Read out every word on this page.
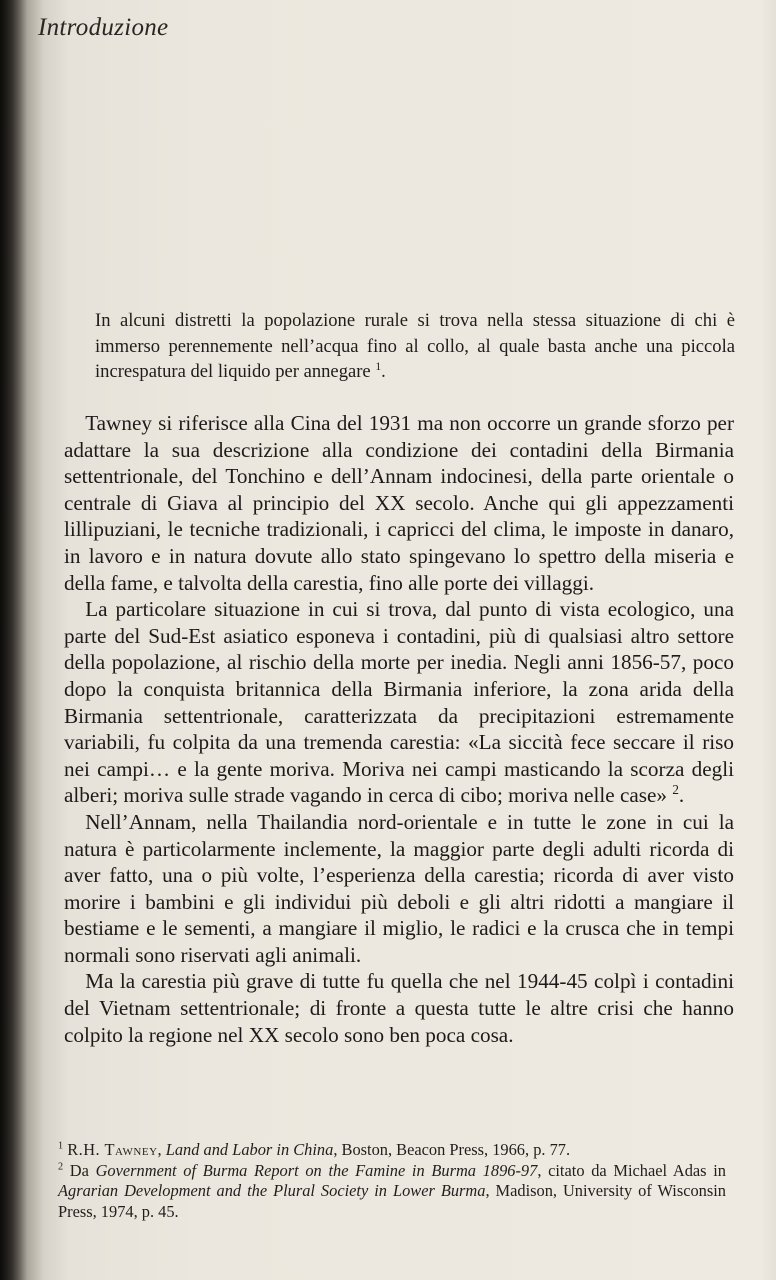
Introduzione
In alcuni distretti la popolazione rurale si trova nella stessa situazione di chi è immerso perennemente nell’acqua fino al collo, al quale basta anche una piccola increspatura del liquido per annegare $^1$.

 Tawney si riferisce alla Cina del 1931 ma non occorre un grande sforzo per adattare la sua descrizione alla condizione dei contadini della Birmania settentrionale, del Tonchino e dell’Annam indocinesi, della parte orientale o centrale di Giava al principio del XX secolo. Anche qui gli appezzamenti lillipuziani, le tecniche tradizionali, i capricci del clima, le imposte in danaro, in lavoro e in natura dovute allo stato spingevano lo spettro della miseria e della fame, e talvolta della carestia, fino alle porte dei villaggi.

 La particolare situazione in cui si trova, dal punto di vista ecologico, una parte del Sud-Est asiatico esponeva i contadini, più di qualsiasi altro settore della popolazione, al rischio della morte per inedia. Negli anni 1856-57, poco dopo la conquista britannica della Birmania inferiore, la zona arida della Birmania settentrionale, caratterizzata da precipitazioni estremamente variabili, fu colpita da una tremenda carestia: «La siccità fece seccare il riso nei campi… e la gente moriva. Moriva nei campi masticando la scorza degli alberi; moriva sulle strade vagando in cerca di cibo; moriva nelle case» $^2$.

 Nell’Annam, nella Thailandia nord-orientale e in tutte le zone in cui la natura è particolarmente inclemente, la maggior parte degli adulti ricorda di aver fatto, una o più volte, l’esperienza della carestia; ricorda di aver visto morire i bambini e gli individui più deboli e gli altri ridotti a mangiare il bestiame e le sementi, a mangiare il miglio, le radici e la crusca che in tempi normali sono riservati agli animali.

 Ma la carestia più grave di tutte fu quella che nel 1944-45 colpì i contadini del Vietnam settentrionale; di fronte a questa tutte le altre crisi che hanno colpito la regione nel XX secolo sono ben poca cosa.

$^1$ R.H. Tawney, Land and Labor in China, Boston, Beacon Press, 1966, p. 77.

$^2$ Da Government of Burma Report on the Famine in Burma 1896-97, citato da Michael Adas in Agrarian Development and the Plural Society in Lower Burma, Madison, University of Wisconsin Press, 1974, p. 45.
